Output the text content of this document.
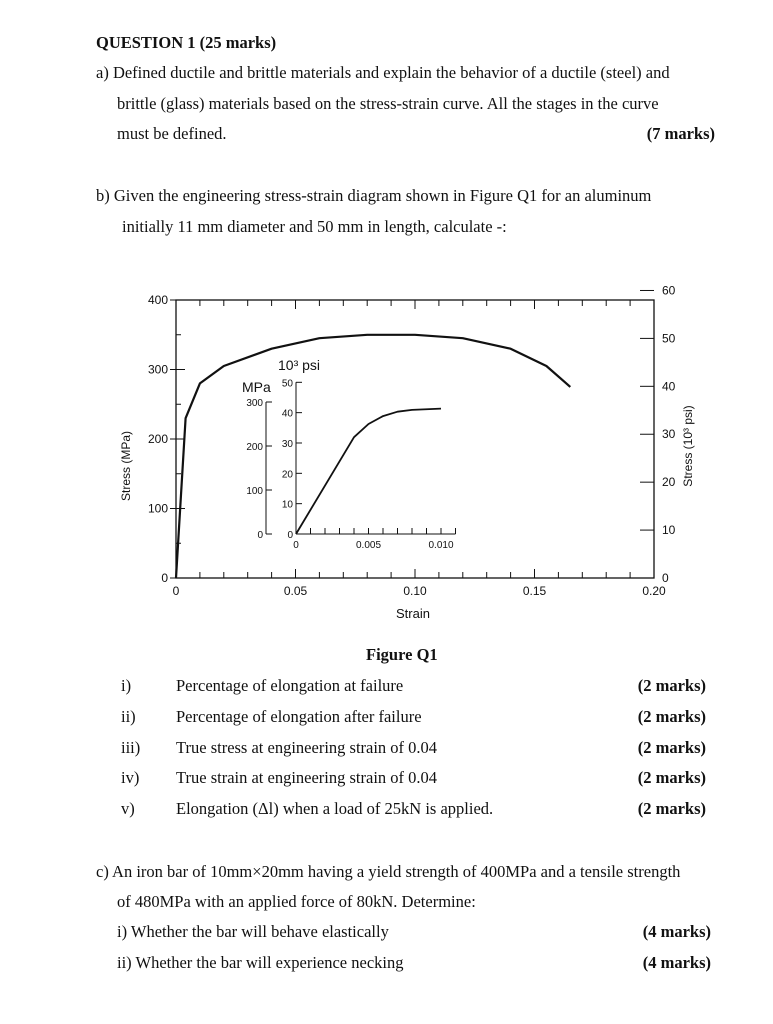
QUESTION 1 (25 marks)
a) Defined ductile and brittle materials and explain the behavior of a ductile (steel) and
brittle (glass) materials based on the stress-strain curve. All the stages in the curve
must be defined.	(7 marks)
b) Given the engineering stress-strain diagram shown in Figure Q1 for an aluminum
initially 11 mm diameter and 50 mm in length, calculate -:
0	0.05	0.10	0.15	0.20
0
100
200
300
400
0
10
20
30
40
50
60
0	0.005	0.010
0
100
200
300
0
10
20
30
40
50
Stress (MPa)	Stress (10³ psi)
Strain
10³ psi
MPa
Figure Q1
i)	Percentage of elongation at failure	(2 marks)
ii) Percentage of elongation after failure	(2 marks)
iii) True stress at engineering strain of 0.04	(2 marks)
iv) True strain at engineering strain of 0.04	(2 marks)
v)	Elongation (Δl) when a load of 25kN is applied.	(2 marks)
c) An iron bar of 10mm×20mm having a yield strength of 400MPa and a tensile strength
of 480MPa with an applied force of 80kN. Determine:
i) Whether the bar will behave elastically	(4 marks)
ii) Whether the bar will experience necking	(4 marks)
